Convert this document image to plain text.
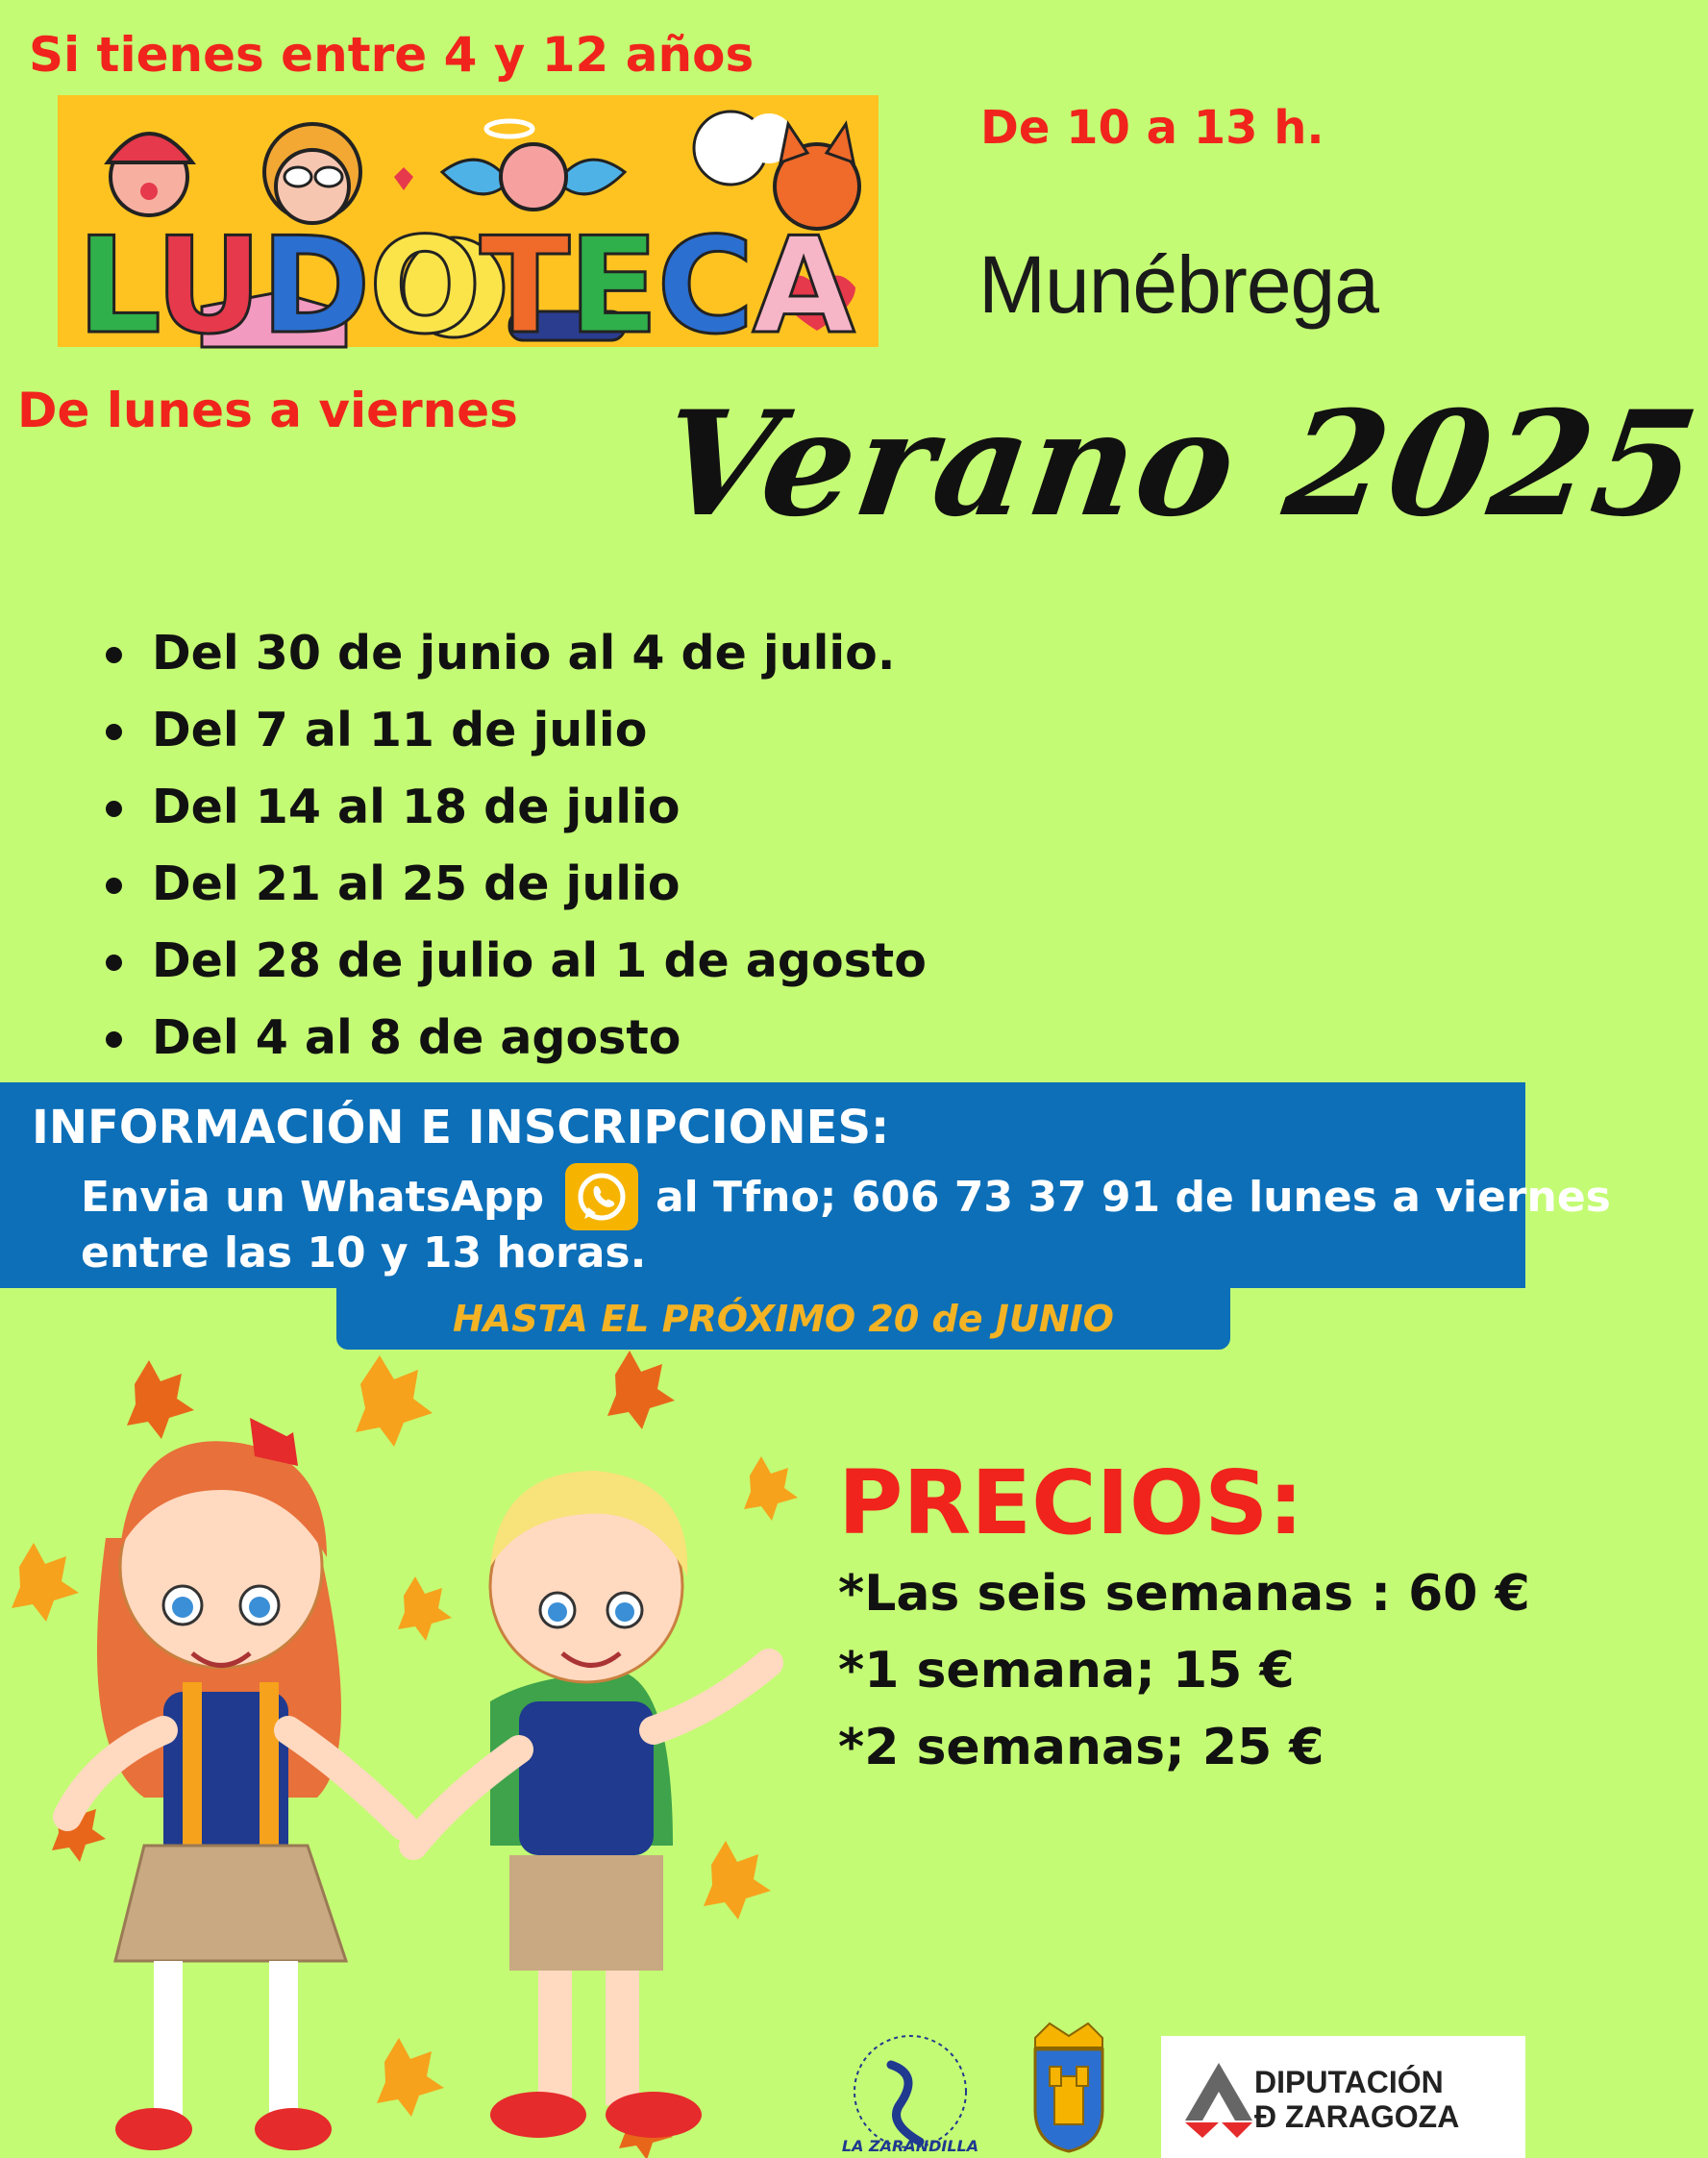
Si tienes entre 4 y 12 años
De 10 a 13 h.
Munébrega
De lunes a viernes Verano 2025
LUDOTECA
Del 30 de junio al 4 de julio.
Del 7 al 11 de julio
Del 14 al 18 de julio
Del 21 al 25 de julio
Del 28 de julio al 1 de agosto
Del 4 al 8 de agosto
INFORMACIÓN E INSCRIPCIONES:
Envia un WhatsApp	al Tfno; 606 73 37 91 de lunes a viernes
entre las 10 y 13 horas.
HASTA EL PRÓXIMO 20 de JUNIO
PRECIOS:
*Las seis semanas : 60 €
*1 semana; 15 €
*2 semanas; 25 €
LA ZARANDILLA
DIPUTACIÓN
Ð ZARAGOZA
